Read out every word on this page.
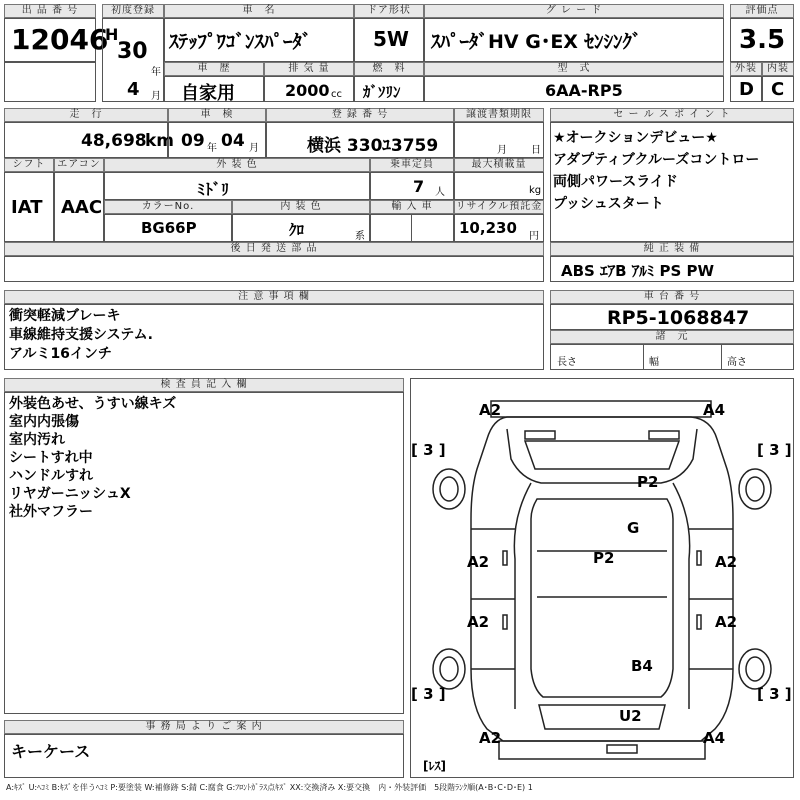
出 品 番 号
12046
初度登録
H
30
年
4 月
車　名
ｽﾃｯﾌﾟﾜｺﾞﾝｽﾊﾟｰﾀﾞ
ドア形状
5W
グ レ ー ド
ｽﾊﾟｰﾀﾞHV G･EX ｾﾝｼﾝｸﾞ
評価点
3.5
車　歴
自家用
排 気 量
2000 cc
燃　料
ｶﾞｿﾘﾝ
型　式
6AA-RP5
外装
D
内装
C
走　行
48,698
km
車　検
09 年 04 月
登 録 番 号
横浜 330ﾕ3759
譲渡書類期限
月 日
シフト
IAT
エアコン
AAC
外 装 色
ﾐﾄﾞﾘ
乗車定員
7 人
最大積載量
kg
カラーNo.
BG66P
内 装 色
ｸﾛ	系
輸 入 車	リサイクル預託金
10,230 円
後 日 発 送 部 品
セ ー ル ス ポ イ ン ト
★オークションデビュー★
アダプティブクルーズコントロー
両側パワースライド
プッシュスタート
純 正 装 備
ABS ｴｱB ｱﾙﾐ PS PW
注 意 事 項 欄
衝突軽減ブレーキ
車線維持支援システム.
アルミ16インチ
車 台 番 号
RP5-1068847
諸　元
長さ	幅	高さ
検 査 員 記 入 欄
外装色あせ、うすい線キズ
室内内張傷
室内汚れ
シートすれ中
ハンドルすれ
リヤガーニッシュX
社外マフラー
事 務 局 よ り ご 案 内
キーケース
A2	A4
[ 3 ]	[ 3 ]
P2
G
P2
A2	A2
A2	A2
B4
[ 3 ]	[ 3 ]
U2
A2	A4
[ﾚｽ]
A:ｷｽﾞ U:ﾍｺﾐ B:ｷｽﾞを伴うﾍｺﾐ P:要塗装 W:補修跡 S:錆 C:腐食 G:ﾌﾛﾝﾄｶﾞﾗｽ点ｷｽﾞ XX:交換済み X:要交換　内・外装評価　5段階ﾗﾝｸ順(A･B･C･D･E) 1
